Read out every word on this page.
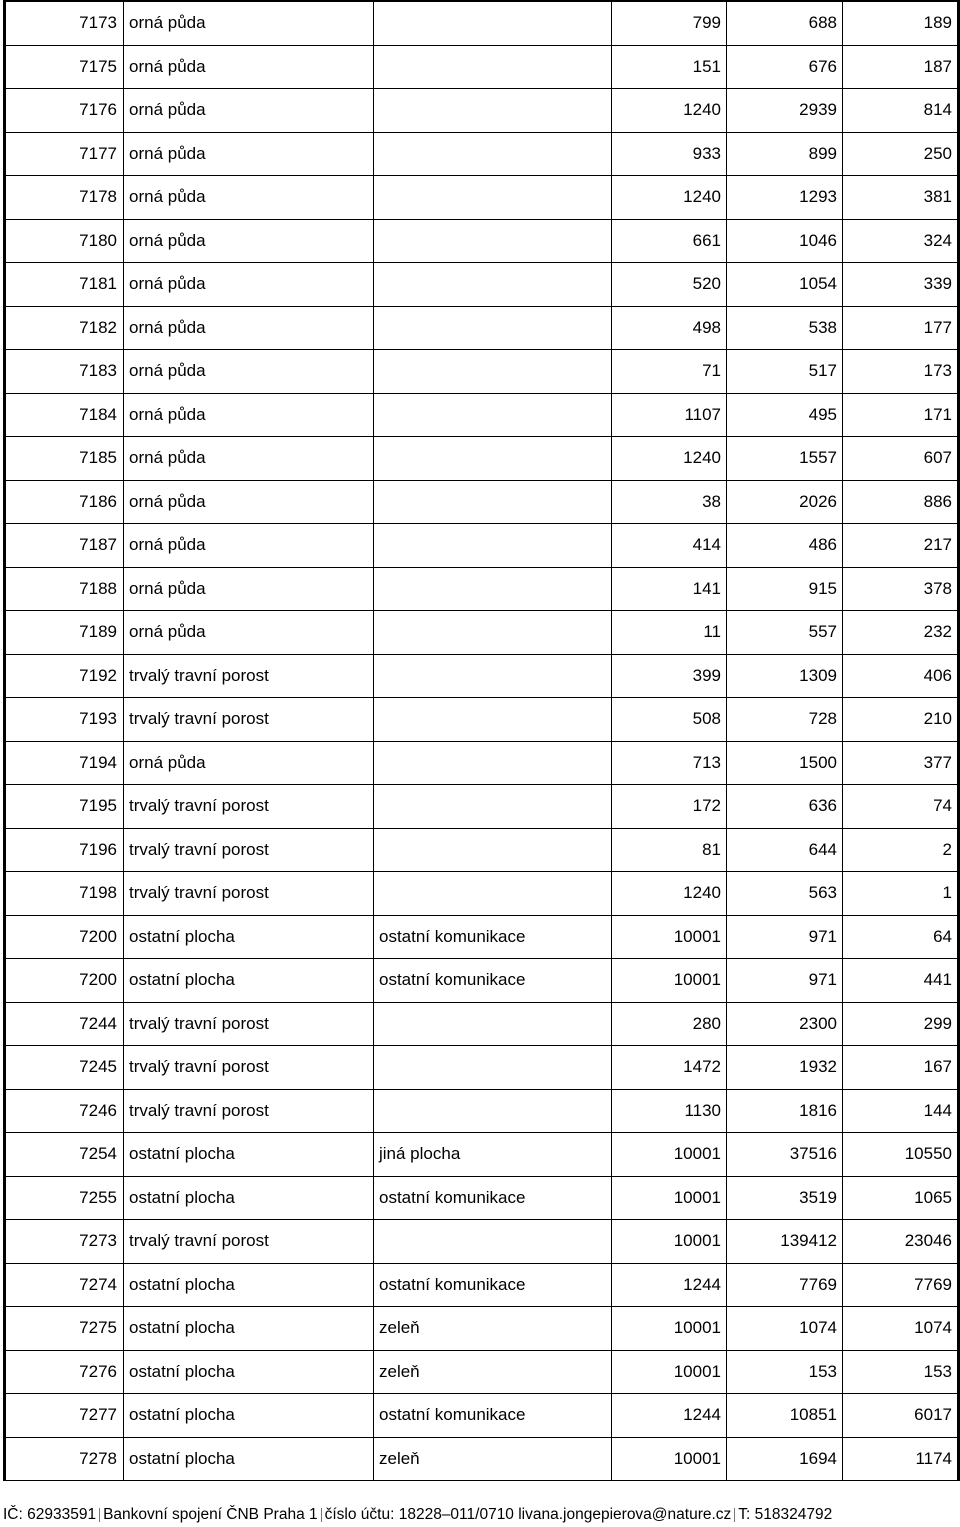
7173	orná půda		799	688	189
7175	orná půda		151	676	187
7176	orná půda		1240	2939	814
7177	orná půda		933	899	250
7178	orná půda		1240	1293	381
7180	orná půda		661	1046	324
7181	orná půda		520	1054	339
7182	orná půda		498	538	177
7183	orná půda		71	517	173
7184	orná půda		1107	495	171
7185	orná půda		1240	1557	607
7186	orná půda		38	2026	886
7187	orná půda		414	486	217
7188	orná půda		141	915	378
7189	orná půda		11	557	232
7192	trvalý travní porost		399	1309	406
7193	trvalý travní porost		508	728	210
7194	orná půda		713	1500	377
7195	trvalý travní porost		172	636	74
7196	trvalý travní porost		81	644	2
7198	trvalý travní porost		1240	563	1
7200	ostatní plocha	ostatní komunikace	10001	971	64
7200	ostatní plocha	ostatní komunikace	10001	971	441
7244	trvalý travní porost		280	2300	299
7245	trvalý travní porost		1472	1932	167
7246	trvalý travní porost		1130	1816	144
7254	ostatní plocha	jiná plocha	10001	37516	10550
7255	ostatní plocha	ostatní komunikace	10001	3519	1065
7273	trvalý travní porost		10001	139412	23046
7274	ostatní plocha	ostatní komunikace	1244	7769	7769
7275	ostatní plocha	zeleň	10001	1074	1074
7276	ostatní plocha	zeleň	10001	153	153
7277	ostatní plocha	ostatní komunikace	1244	10851	6017
7278	ostatní plocha	zeleň	10001	1694	1174
IČ: 62933591 Bankovní spojení ČNB Praha 1 číslo účtu: 18228–011/0710 livana.jongepierova@nature.cz T: 518324792
